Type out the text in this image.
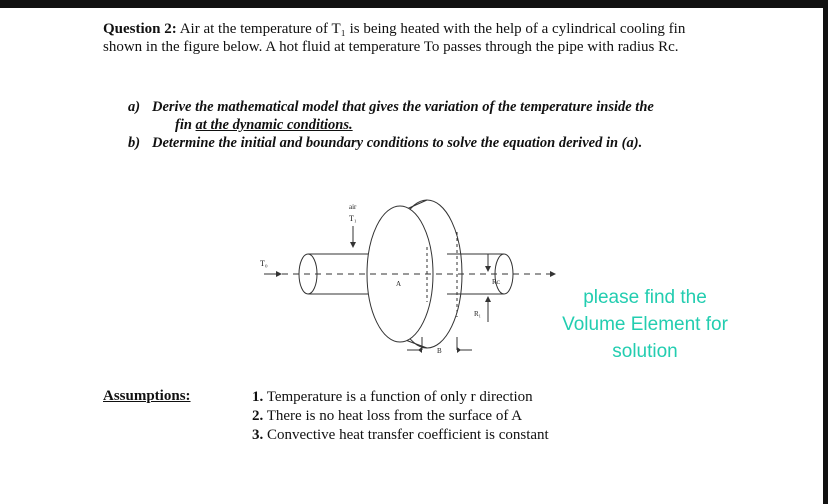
Question 2: Air at the temperature of T₁ is being heated with the help of a cylindrical cooling fin shown in the figure below. A hot fluid at temperature To passes through the pipe with radius Rc.
a) Derive the mathematical model that gives the variation of the temperature inside the
fin at the dynamic conditions.
b) Determine the initial and boundary conditions to solve the equation derived in (a).
air
T₁
T₀
A
B
Rᴄ
R₁
please find the
Volume Element for
solution
Assumptions:	1. Temperature is a function of only r direction
2. There is no heat loss from the surface of A
3. Convective heat transfer coefficient is constant
